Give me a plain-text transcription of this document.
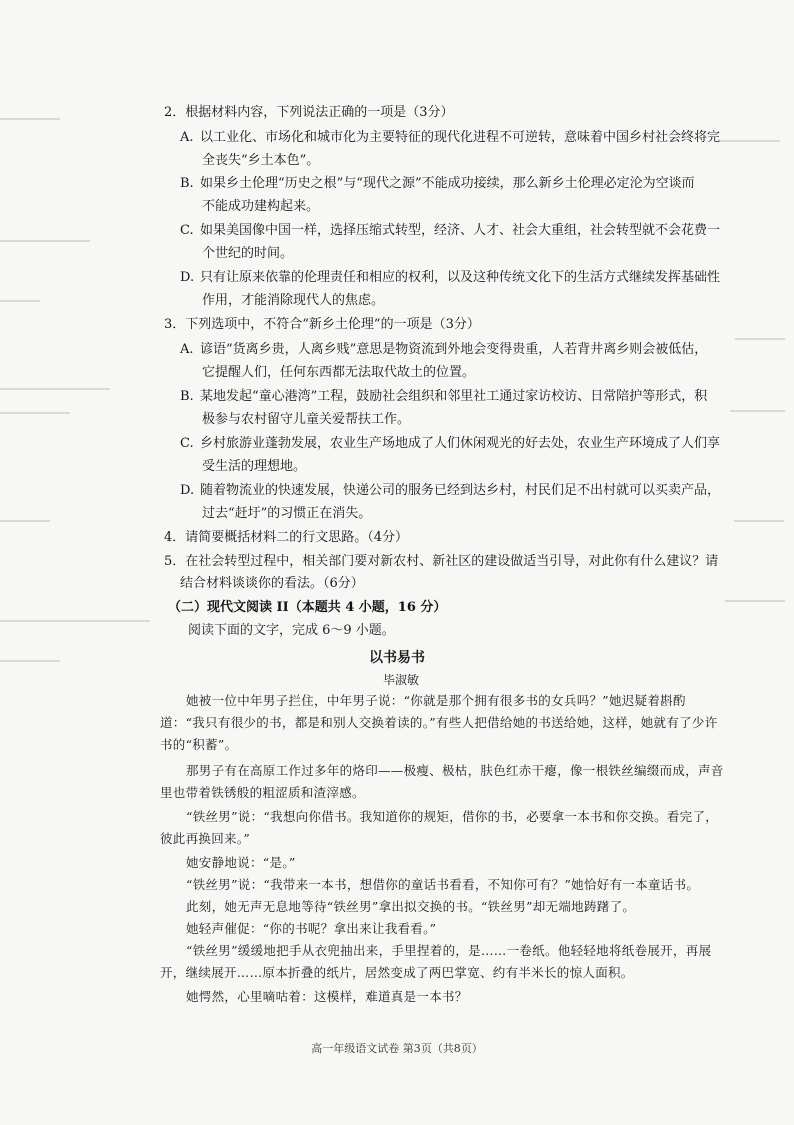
2．根据材料内容，下列说法正确的一项是（3分）
A. 以工业化、市场化和城市化为主要特征的现代化进程不可逆转，意味着中国乡村社会终将完
全丧失“乡土本色”。
B. 如果乡土伦理“历史之根”与“现代之源”不能成功接续，那么新乡土伦理必定沦为空谈而
不能成功建构起来。
C. 如果美国像中国一样，选择压缩式转型，经济、人才、社会大重组，社会转型就不会花费一
个世纪的时间。
D. 只有让原来依靠的伦理责任和相应的权利，以及这种传统文化下的生活方式继续发挥基础性
作用，才能消除现代人的焦虑。
3．下列选项中，不符合“新乡土伦理”的一项是（3分）
A. 谚语“货离乡贵，人离乡贱”意思是物资流到外地会变得贵重，人若背井离乡则会被低估，
它提醒人们，任何东西都无法取代故土的位置。
B. 某地发起“童心港湾”工程，鼓励社会组织和邻里社工通过家访校访、日常陪护等形式，积
极参与农村留守儿童关爱帮扶工作。
C. 乡村旅游业蓬勃发展，农业生产场地成了人们休闲观光的好去处，农业生产环境成了人们享
受生活的理想地。
D. 随着物流业的快速发展，快递公司的服务已经到达乡村，村民们足不出村就可以买卖产品，
过去“赶圩”的习惯正在消失。
4．请简要概括材料二的行文思路。（4分）
5．在社会转型过程中，相关部门要对新农村、新社区的建设做适当引导，对此你有什么建议？请
结合材料谈谈你的看法。（6分）
（二）现代文阅读 II（本题共 4 小题，16 分）
阅读下面的文字，完成 6～9 小题。
以书易书
毕淑敏
她被一位中年男子拦住，中年男子说：“你就是那个拥有很多书的女兵吗？”她迟疑着斟酌道：“我只有很少的书，都是和别人交换着读的。”有些人把借给她的书送给她，这样，她就有了少许书的“积蓄”。
那男子有在高原工作过多年的烙印——极瘦、极枯，肤色红赤干瘪，像一根铁丝编缀而成，声音里也带着铁锈般的粗涩质和渣滓感。
“铁丝男”说：“我想向你借书。我知道你的规矩，借你的书，必要拿一本书和你交换。看完了，彼此再换回来。”
她安静地说：“是。”
“铁丝男”说：“我带来一本书，想借你的童话书看看，不知你可有？”她恰好有一本童话书。
此刻，她无声无息地等待“铁丝男”拿出拟交换的书。“铁丝男”却无端地踌躇了。
她轻声催促：“你的书呢？拿出来让我看看。”
高一年级语文试卷 第3页（共8页）
“铁丝男”缓缓地把手从衣兜抽出来，手里捏着的，是……一卷纸。他轻轻地将纸卷展开，再展开，继续展开……原本折叠的纸片，居然变成了两巴掌宽、约有半米长的惊人面积。
她愕然，心里嘀咕着：这模样，难道真是一本书？
